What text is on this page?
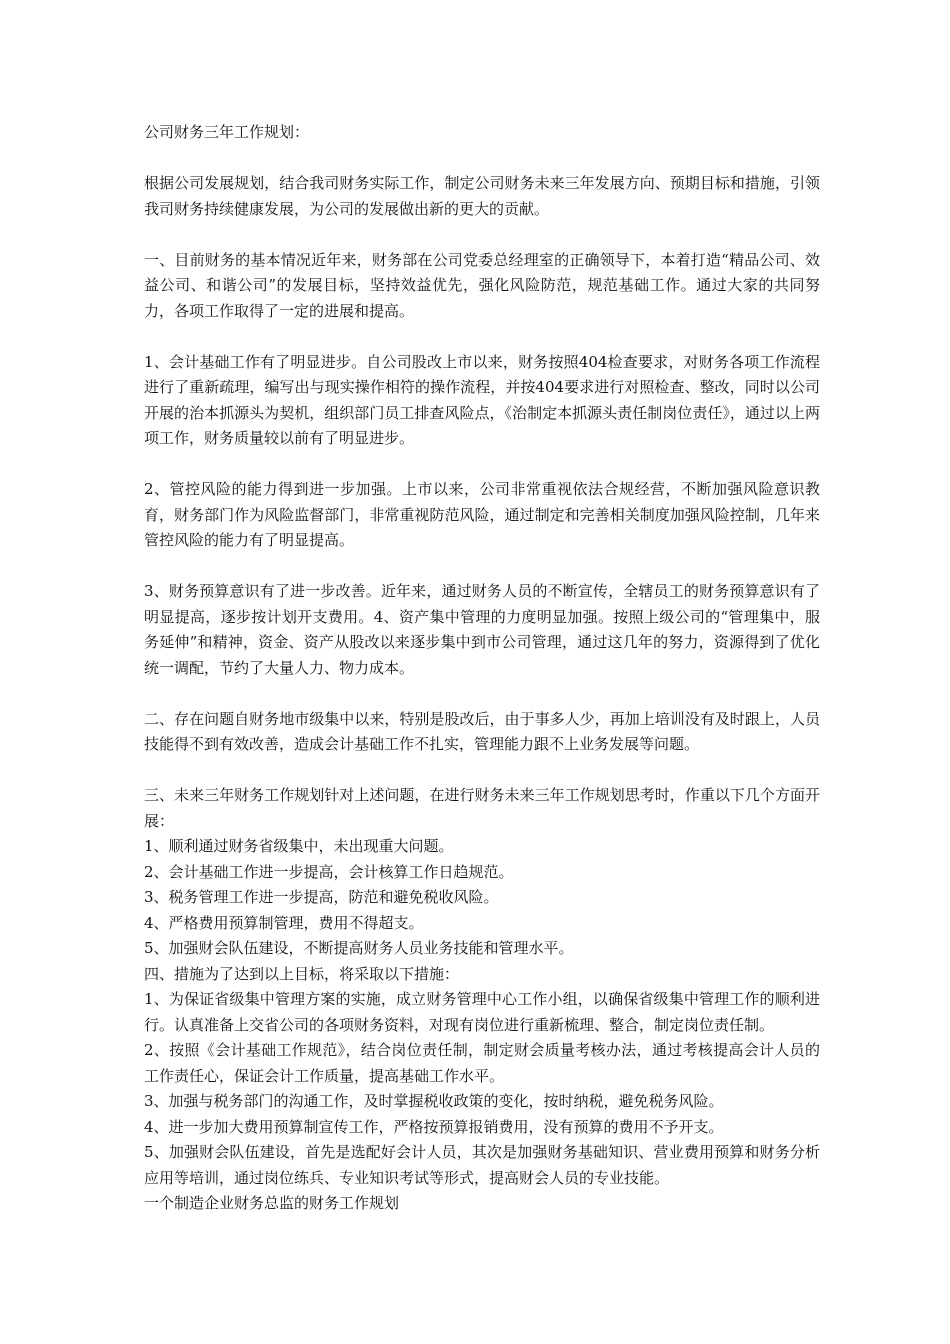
公司财务三年工作规划：

根据公司发展规划，结合我司财务实际工作，制定公司财务未来三年发展方向、预期目标和措施，引领我司财务持续健康发展，为公司的发展做出新的更大的贡献。

一、目前财务的基本情况近年来，财务部在公司党委总经理室的正确领导下，本着打造“精品公司、效益公司、和谐公司”的发展目标，坚持效益优先，强化风险防范，规范基础工作。通过大家的共同努力，各项工作取得了一定的进展和提高。

1、会计基础工作有了明显进步。自公司股改上市以来，财务按照404检查要求，对财务各项工作流程进行了重新疏理，编写出与现实操作相符的操作流程，并按404要求进行对照检查、整改，同时以公司开展的治本抓源头为契机，组织部门员工排查风险点，《治制定本抓源头责任制岗位责任》，通过以上两项工作，财务质量较以前有了明显进步。

2、管控风险的能力得到进一步加强。上市以来，公司非常重视依法合规经营，不断加强风险意识教育，财务部门作为风险监督部门，非常重视防范风险，通过制定和完善相关制度加强风险控制，几年来管控风险的能力有了明显提高。

3、财务预算意识有了进一步改善。近年来，通过财务人员的不断宣传，全辖员工的财务预算意识有了明显提高，逐步按计划开支费用。4、资产集中管理的力度明显加强。按照上级公司的“管理集中，服务延伸”和精神，资金、资产从股改以来逐步集中到市公司管理，通过这几年的努力，资源得到了优化统一调配，节约了大量人力、物力成本。

二、存在问题自财务地市级集中以来，特别是股改后，由于事多人少，再加上培训没有及时跟上，人员技能得不到有效改善，造成会计基础工作不扎实，管理能力跟不上业务发展等问题。

三、未来三年财务工作规划针对上述问题，在进行财务未来三年工作规划思考时，作重以下几个方面开展：

1、顺利通过财务省级集中，未出现重大问题。

2、会计基础工作进一步提高，会计核算工作日趋规范。

3、税务管理工作进一步提高，防范和避免税收风险。

4、严格费用预算制管理，费用不得超支。

5、加强财会队伍建设，不断提高财务人员业务技能和管理水平。

四、措施为了达到以上目标，将采取以下措施：

1、为保证省级集中管理方案的实施，成立财务管理中心工作小组，以确保省级集中管理工作的顺利进行。认真准备上交省公司的各项财务资料，对现有岗位进行重新梳理、整合，制定岗位责任制。

2、按照《会计基础工作规范》，结合岗位责任制，制定财会质量考核办法，通过考核提高会计人员的工作责任心，保证会计工作质量，提高基础工作水平。

3、加强与税务部门的沟通工作，及时掌握税收政策的变化，按时纳税，避免税务风险。

4、进一步加大费用预算制宣传工作，严格按预算报销费用，没有预算的费用不予开支。

5、加强财会队伍建设，首先是选配好会计人员，其次是加强财务基础知识、营业费用预算和财务分析应用等培训，通过岗位练兵、专业知识考试等形式，提高财会人员的专业技能。

一个制造企业财务总监的财务工作规划
